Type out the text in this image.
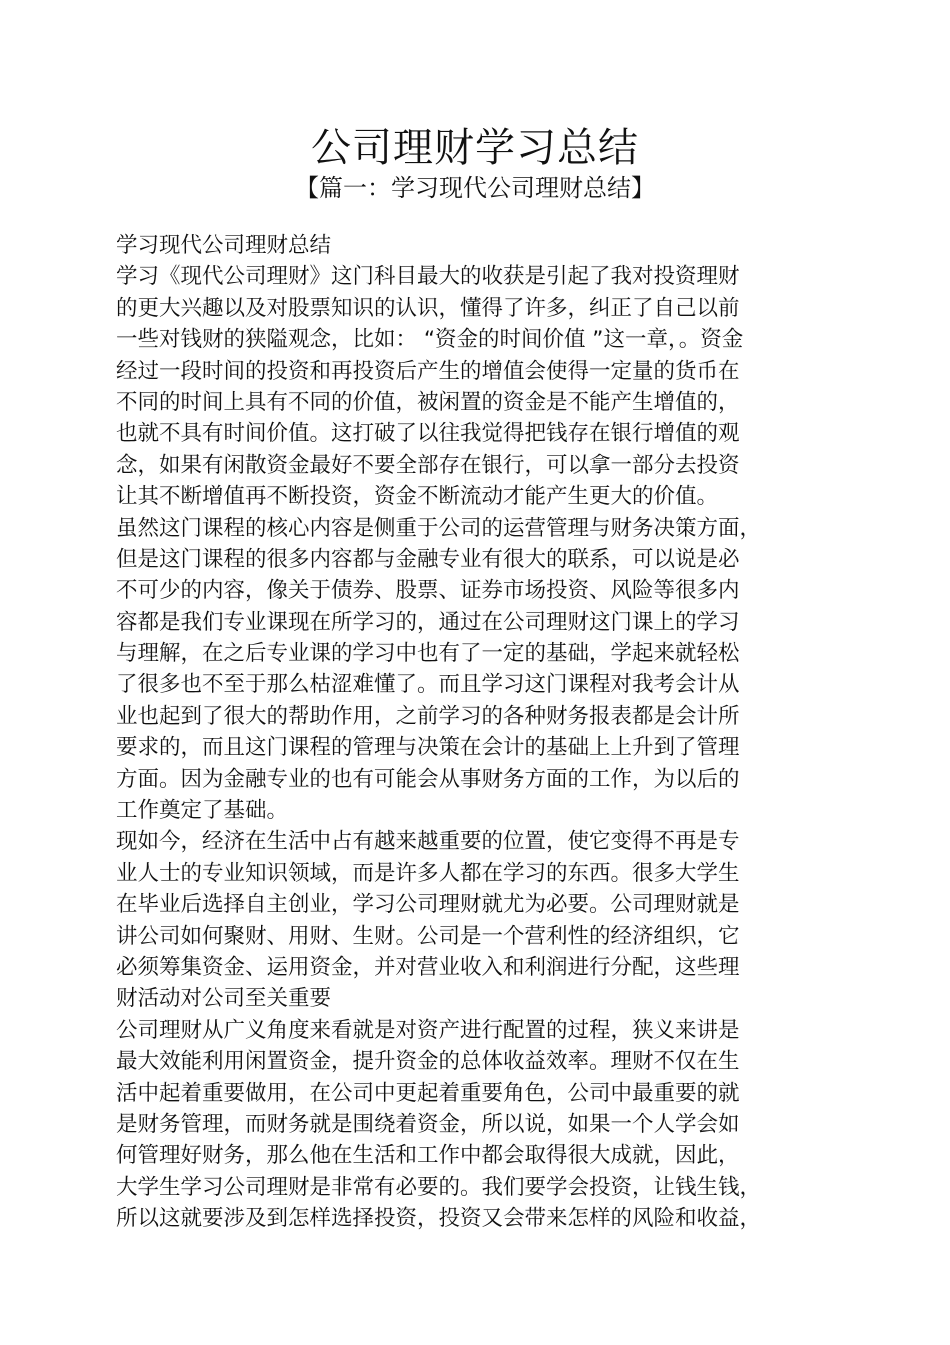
公司理财学习总结
【篇一：学习现代公司理财总结】
学习现代公司理财总结
学习《现代公司理财》这门科目最大的收获是引起了我对投资理财
的更大兴趣以及对股票知识的认识，懂得了许多，纠正了自己以前
一些对钱财的狭隘观念，比如： “资金的时间价值 ”这一章，。资金
经过一段时间的投资和再投资后产生的增值会使得一定量的货币在
不同的时间上具有不同的价值，被闲置的资金是不能产生增值的，
也就不具有时间价值。这打破了以往我觉得把钱存在银行增值的观
念，如果有闲散资金最好不要全部存在银行，可以拿一部分去投资
让其不断增值再不断投资，资金不断流动才能产生更大的价值。
虽然这门课程的核心内容是侧重于公司的运营管理与财务决策方面，
但是这门课程的很多内容都与金融专业有很大的联系，可以说是必
不可少的内容，像关于债券、股票、证券市场投资、风险等很多内
容都是我们专业课现在所学习的，通过在公司理财这门课上的学习
与理解，在之后专业课的学习中也有了一定的基础，学起来就轻松
了很多也不至于那么枯涩难懂了。而且学习这门课程对我考会计从
业也起到了很大的帮助作用，之前学习的各种财务报表都是会计所
要求的，而且这门课程的管理与决策在会计的基础上上升到了管理
方面。因为金融专业的也有可能会从事财务方面的工作，为以后的
工作奠定了基础。
现如今，经济在生活中占有越来越重要的位置，使它变得不再是专
业人士的专业知识领域，而是许多人都在学习的东西。很多大学生
在毕业后选择自主创业，学习公司理财就尤为必要。公司理财就是
讲公司如何聚财、用财、生财。公司是一个营利性的经济组织，它
必须筹集资金、运用资金，并对营业收入和利润进行分配，这些理
财活动对公司至关重要
公司理财从广义角度来看就是对资产进行配置的过程，狭义来讲是
最大效能利用闲置资金，提升资金的总体收益效率。理财不仅在生
活中起着重要做用，在公司中更起着重要角色，公司中最重要的就
是财务管理，而财务就是围绕着资金，所以说，如果一个人学会如
何管理好财务，那么他在生活和工作中都会取得很大成就，因此，
大学生学习公司理财是非常有必要的。我们要学会投资，让钱生钱，
所以这就要涉及到怎样选择投资，投资又会带来怎样的风险和收益，
